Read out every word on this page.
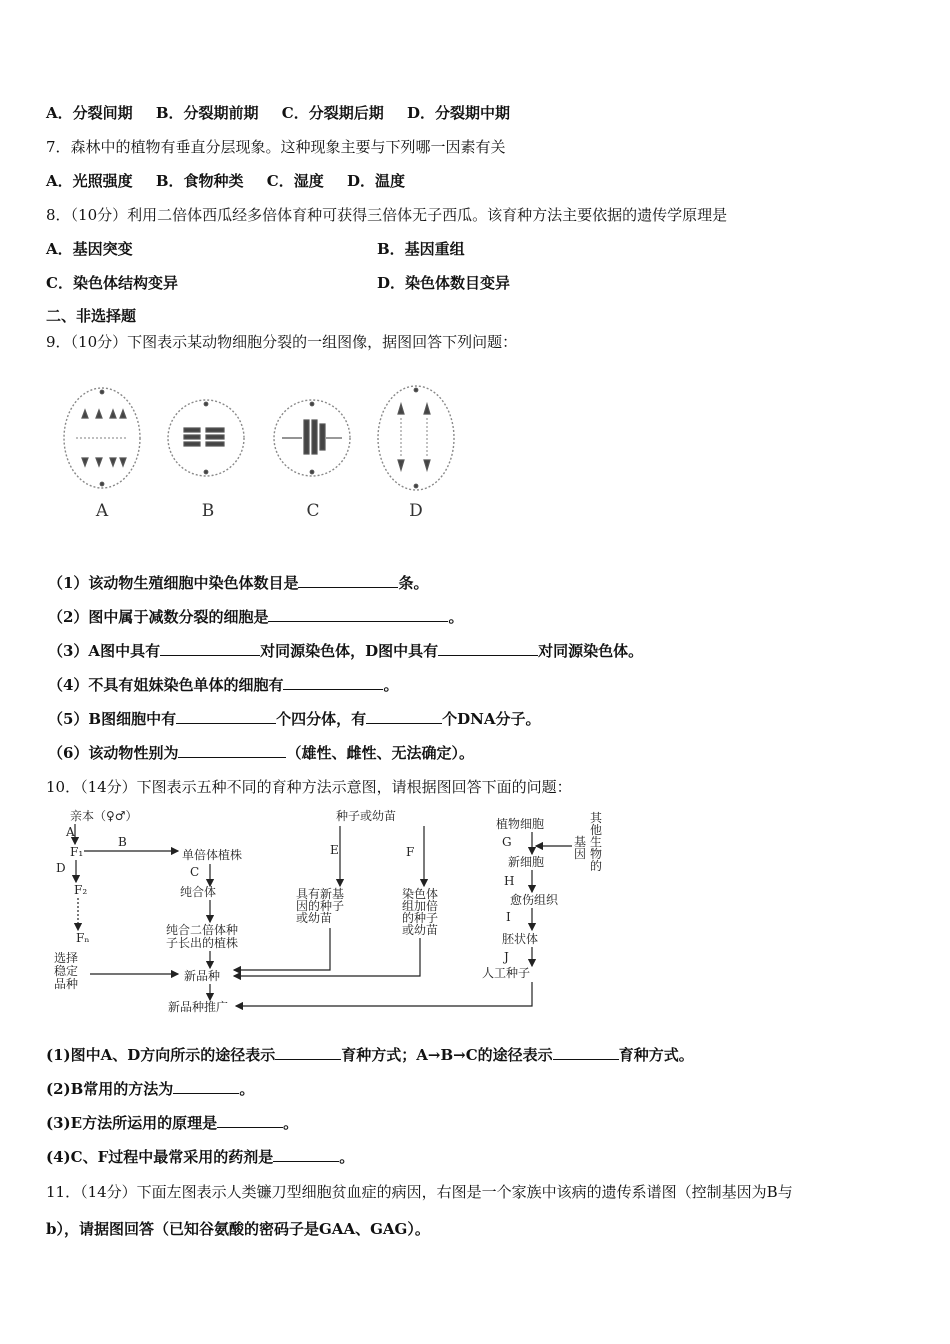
A．分裂间期 B．分裂期前期 C．分裂期后期 D．分裂期中期
7．森林中的植物有垂直分层现象。这种现象主要与下列哪一因素有关
A．光照强度 B．食物种类 C．湿度 D．温度
8．（10分）利用二倍体西瓜经多倍体育种可获得三倍体无子西瓜。该育种方法主要依据的遗传学原理是
A．基因突变	B．基因重组
C．染色体结构变异	D．染色体数目变异
二、非选择题
9．（10分）下图表示某动物细胞分裂的一组图像，据图回答下列问题：
A	B	C	D
（1）该动物生殖细胞中染色体数目是	条。
（2）图中属于减数分裂的细胞是	。
（3）A图中具有	对同源染色体，D图中具有	对同源染色体。
（4）不具有姐妹染色单体的细胞有	。
（5）B图细胞中有	个四分体，有	个DNA分子。
（6）该动物性别为	（雄性、雌性、无法确定）。
10．（14分）下图表示五种不同的育种方法示意图，请根据图回答下面的问题：
亲本（♀♂）
A
F₁
D
F₂
Fₙ
选择
稳定
品种
B
单倍体植株
C
纯合体
纯合二倍体种
子长出的植株
新品种
新品种推广
种子或幼苗
E	F
具有新基
因的种子
或幼苗
染色体
组加倍
的种子
或幼苗
植物细胞
G
新细胞
H
愈伤组织
I
胚状体
J
人工种子
其
他
生
物
的
基
因
(1)图中A、D方向所示的途径表示	育种方式；A→B→C的途径表示	育种方式。
(2)B常用的方法为	。
(3)E方法所运用的原理是	。
(4)C、F过程中最常采用的药剂是	。
11．（14分）下面左图表示人类镰刀型细胞贫血症的病因，右图是一个家族中该病的遗传系谱图（控制基因为B与
b），请据图回答（已知谷氨酸的密码子是GAA、GAG）。
